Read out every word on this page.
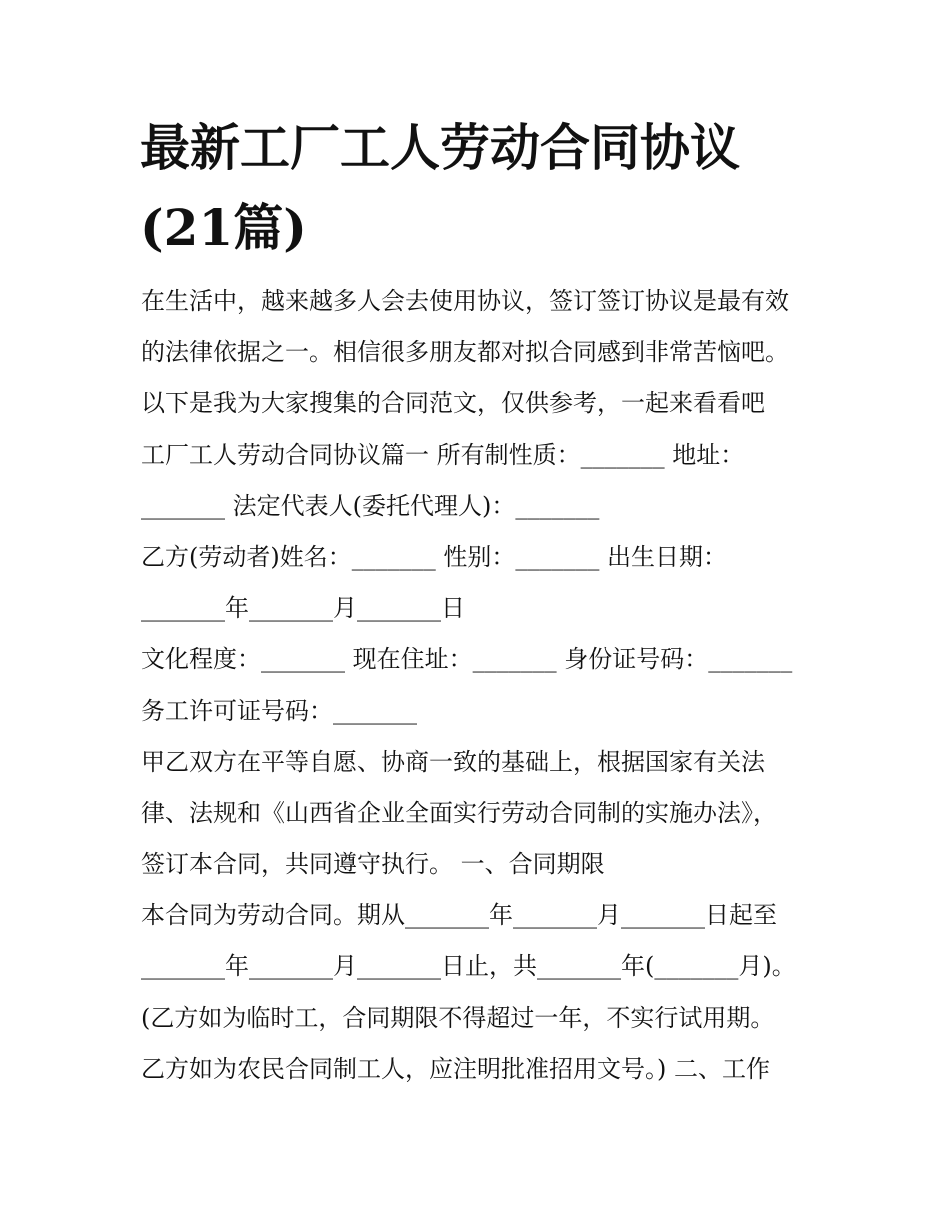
最新工厂工人劳动合同协议(21篇)
在生活中，越来越多人会去使用协议，签订签订协议是最有效
的法律依据之一。相信很多朋友都对拟合同感到非常苦恼吧。
以下是我为大家搜集的合同范文，仅供参考，一起来看看吧
工厂工人劳动合同协议篇一 所有制性质：_______ 地址：
_______ 法定代表人(委托代理人)：_______
乙方(劳动者)姓名：_______ 性别：_______ 出生日期：
_______年_______月_______日
文化程度：_______ 现在住址：_______ 身份证号码：_______
务工许可证号码：_______
甲乙双方在平等自愿、协商一致的基础上，根据国家有关法
律、法规和《山西省企业全面实行劳动合同制的实施办法》，
签订本合同，共同遵守执行。 一、合同期限
本合同为劳动合同。期从_______年_______月_______日起至
_______年_______月_______日止，共_______年(_______月)。
(乙方如为临时工，合同期限不得超过一年，不实行试用期。
乙方如为农民合同制工人，应注明批准招用文号。) 二、工作
